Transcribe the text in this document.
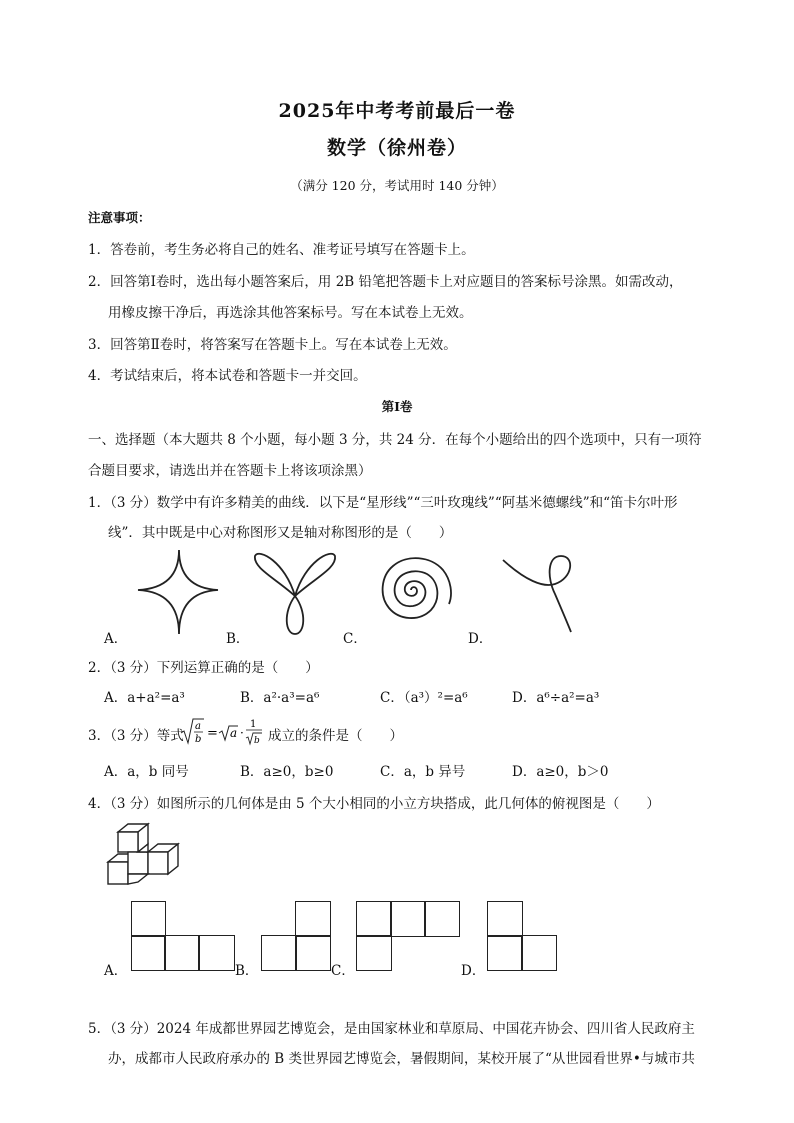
2025年中考考前最后一卷
数学（徐州卷）
（满分 120 分，考试用时 140 分钟）
注意事项：
1．答卷前，考生务必将自己的姓名、准考证号填写在答题卡上。
2．回答第Ⅰ卷时，选出每小题答案后，用 2B 铅笔把答题卡上对应题目的答案标号涂黑。如需改动，
用橡皮擦干净后，再选涂其他答案标号。写在本试卷上无效。
3．回答第Ⅱ卷时，将答案写在答题卡上。写在本试卷上无效。
4．考试结束后，将本试卷和答题卡一并交回。
第Ⅰ卷
一、选择题（本大题共 8 个小题，每小题 3 分，共 24 分．在每个小题给出的四个选项中，只有一项符
合题目要求，请选出并在答题卡上将该项涂黑）
1．（3 分）数学中有许多精美的曲线．以下是“星形线”“三叶玫瑰线”“阿基米德螺线”和“笛卡尔叶形
线”．其中既是中心对称图形又是轴对称图形的是（　　）
A．	B．	C．	D．
2．（3 分）下列运算正确的是（　　）
A．a+a²=a³	B．a²·a³=a⁶	C．（a³）²=a⁶	D．a⁶÷a²=a³
3．（3 分）等式
a
b = a ·
1
b 成立的条件是（　　）
A．a，b 同号	B．a≥0，b≥0	C．a，b 异号	D．a≥0，b＞0
4．（3 分）如图所示的几何体是由 5 个大小相同的小立方块搭成，此几何体的俯视图是（　　）
A．	B．	C．	D．
5．（3 分）2024 年成都世界园艺博览会，是由国家林业和草原局、中国花卉协会、四川省人民政府主
办，成都市人民政府承办的 B 类世界园艺博览会，暑假期间，某校开展了“从世园看世界•与城市共
